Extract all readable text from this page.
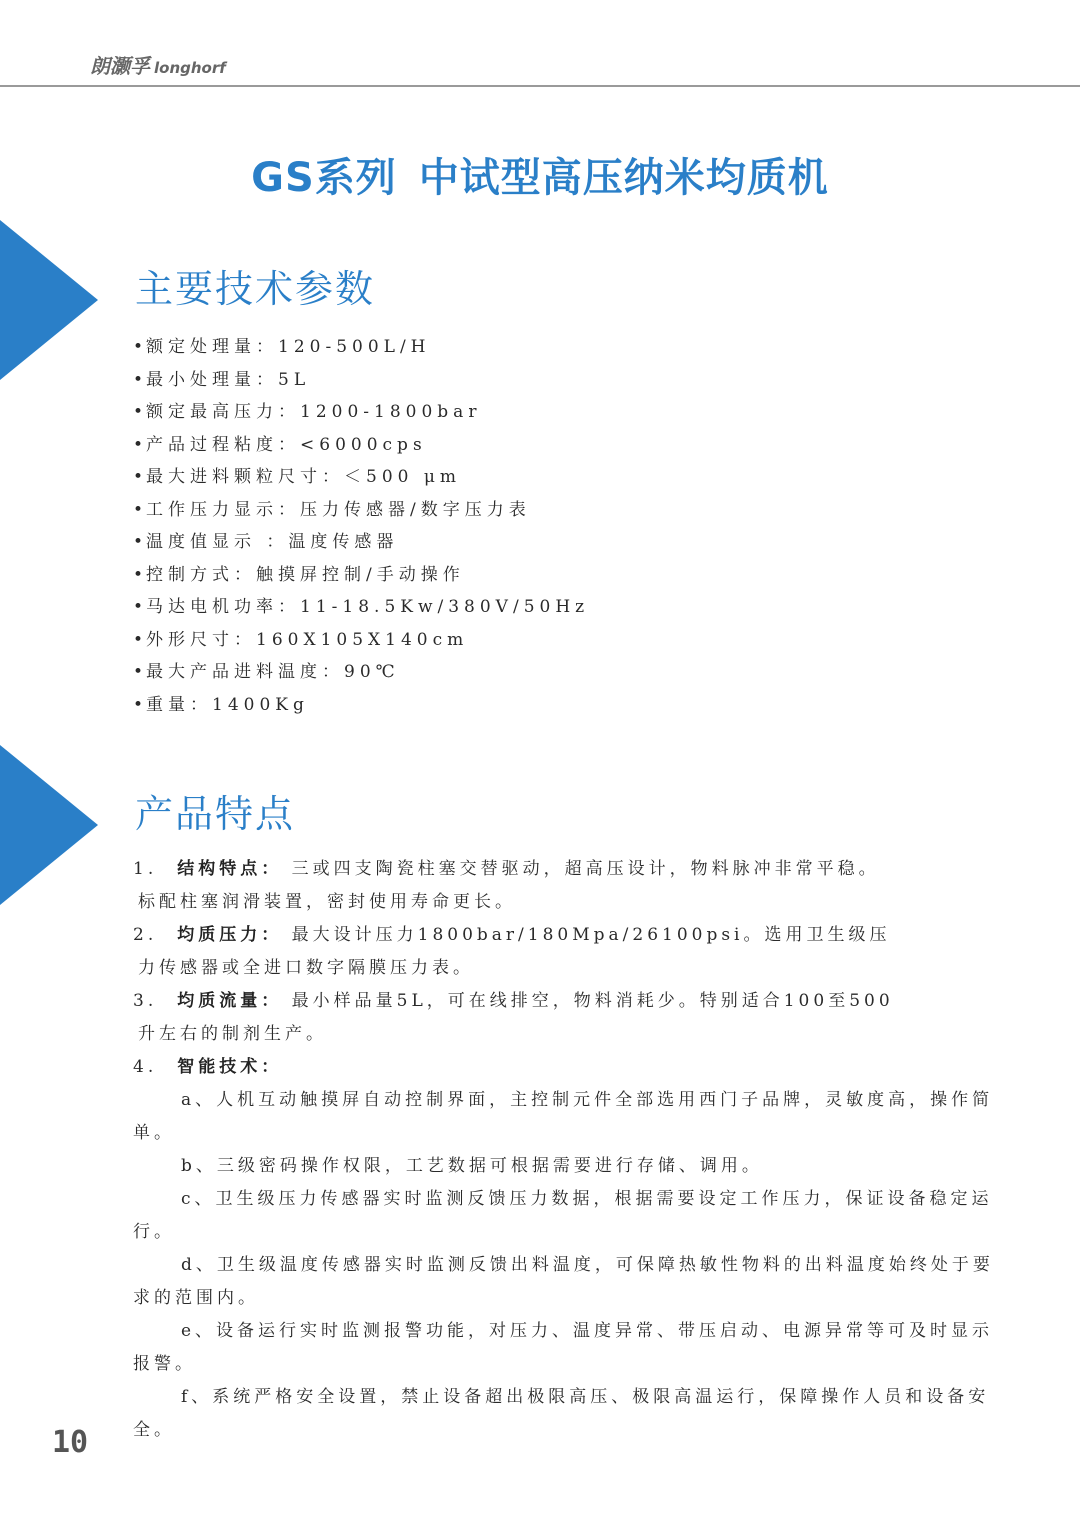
朗灏孚 longhorf
GS系列 中试型高压纳米均质机
主要技术参数
• 额定处理量：120-500L/H
• 最小处理量：5L
• 额定最高压力：1200-1800bar
• 产品过程粘度：<6000cps
• 最大进料颗粒尺寸：＜500 μm
• 工作压力显示：压力传感器/数字压力表
• 温度值显示 ：温度传感器
• 控制方式：触摸屏控制/手动操作
• 马达电机功率：11-18.5Kw/380V/50Hz
• 外形尺寸：160X105X140cm
• 最大产品进料温度：90℃
• 重量：1400Kg
产品特点

1. 结构特点： 三或四支陶瓷柱塞交替驱动，超高压设计，物料脉冲非常平稳。

标配柱塞润滑装置，密封使用寿命更长。

2. 均质压力： 最大设计压力1800bar/180Mpa/26100psi。选用卫生级压

力传感器或全进口数字隔膜压力表。

3. 均质流量： 最小样品量5L，可在线排空，物料消耗少。特别适合100至500

升左右的制剂生产。

4. 智能技术：

a、人机互动触摸屏自动控制界面，主控制元件全部选用西门子品牌，灵敏度高，操作简单。

b、三级密码操作权限，工艺数据可根据需要进行存储、调用。

c、卫生级压力传感器实时监测反馈压力数据，根据需要设定工作压力，保证设备稳定运行。

d、卫生级温度传感器实时监测反馈出料温度，可保障热敏性物料的出料温度始终处于要求的范围内。

e、设备运行实时监测报警功能，对压力、温度异常、带压启动、电源异常等可及时显示报警。

f、系统严格安全设置，禁止设备超出极限高压、极限高温运行，保障操作人员和设备安全。

10
